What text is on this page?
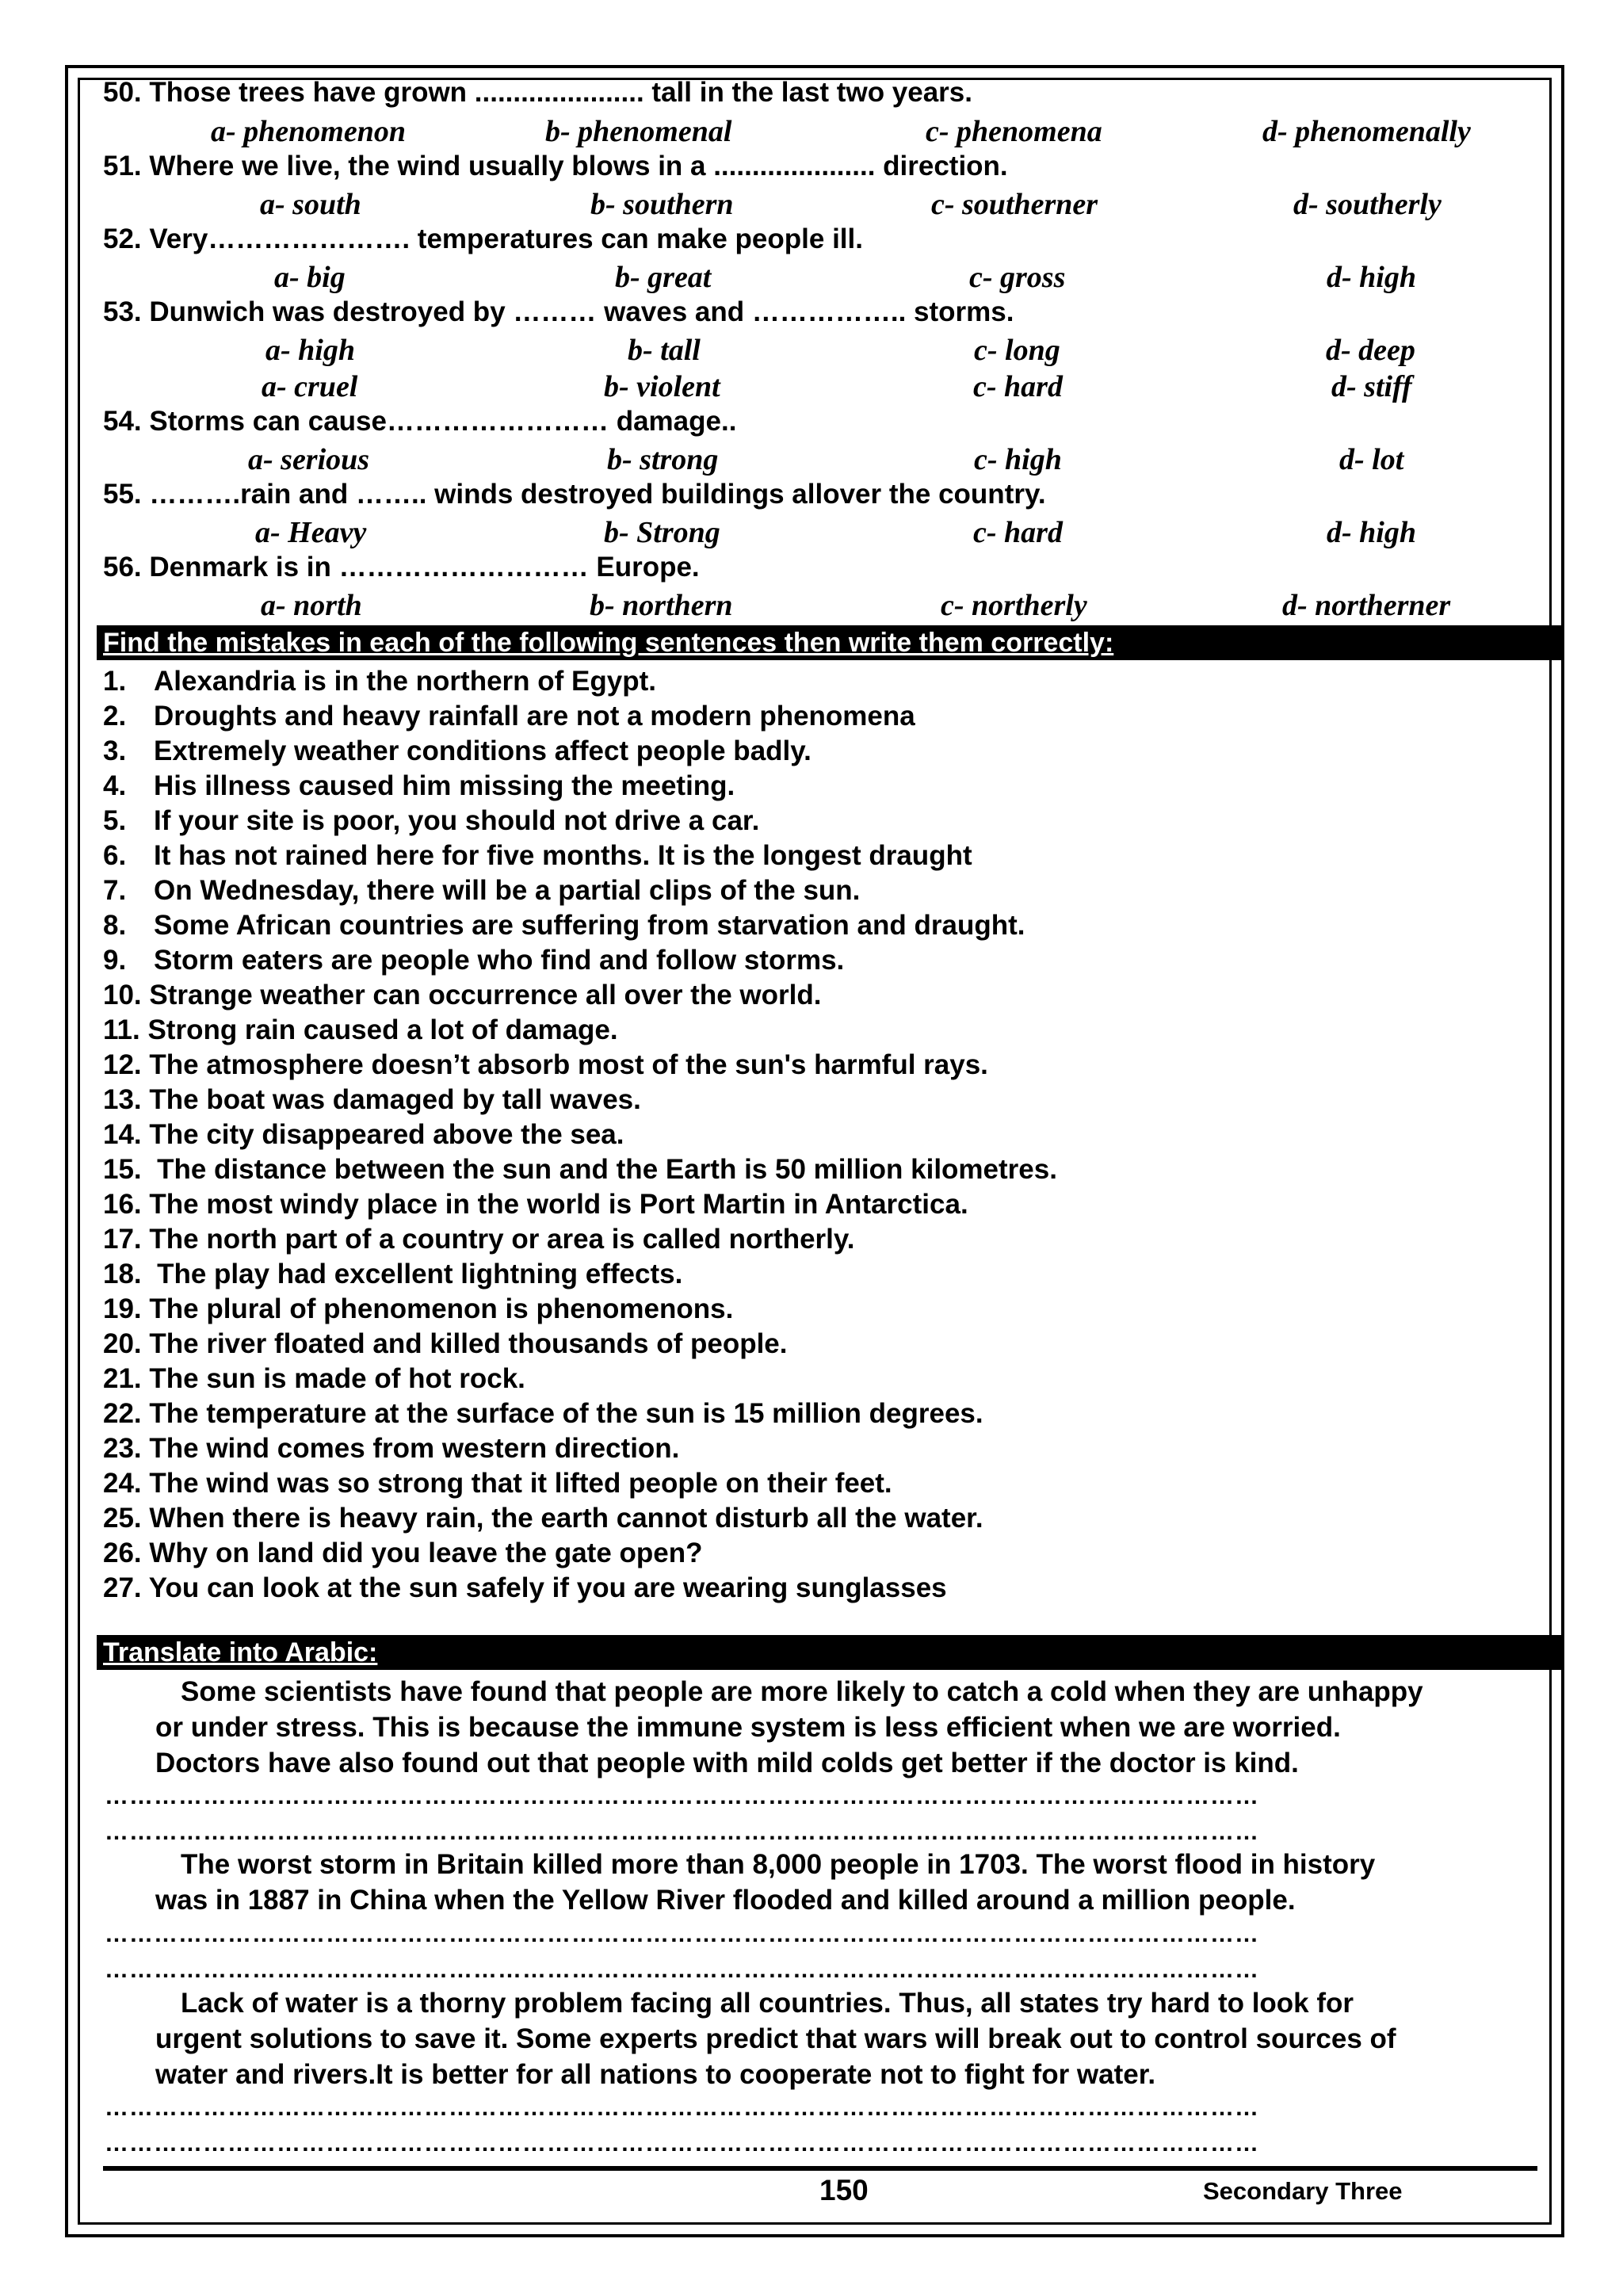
50. Those trees have grown ...................... tall in the last two years.
a- phenomenon	b- phenomenal	c- phenomena	d- phenomenally
51. Where we live, the wind usually blows in a ..................... direction.
a- south	b- southern	c- southerner	d- southerly
52. Very…………………. temperatures can make people ill.
a- big	b- great	c- gross	d- high
53. Dunwich was destroyed by ……… waves and …………….. storms.
a- high	b- tall	c- long	d- deep
a- cruel	b- violent	c- hard	d- stiff
54. Storms can cause…………………… damage..
a- serious	b- strong	c- high	d- lot
55. ……….rain and …….. winds destroyed buildings allover the country.
a- Heavy	b- Strong	c- hard	d- high
56. Denmark is in ……………………… Europe.
a- north	b- northern	c- northerly	d- northerner
Find the mistakes in each of the following sentences then write them correctly:
1. Alexandria is in the northern of Egypt.
2. Droughts and heavy rainfall are not a modern phenomena
3. Extremely weather conditions affect people badly.
4. His illness caused him missing the meeting.
5. If your site is poor, you should not drive a car.
6. It has not rained here for five months. It is the longest draught
7. On Wednesday, there will be a partial clips of the sun.
8. Some African countries are suffering from starvation and draught.
9. Storm eaters are people who find and follow storms.
10. Strange weather can occurrence all over the world.
11. Strong rain caused a lot of damage.
12. The atmosphere doesn’t absorb most of the sun's harmful rays.
13. The boat was damaged by tall waves.
14. The city disappeared above the sea.
15.  The distance between the sun and the Earth is 50 million kilometres.
16. The most windy place in the world is Port Martin in Antarctica.
17. The north part of a country or area is called northerly.
18.  The play had excellent lightning effects.
19. The plural of phenomenon is phenomenons.
20. The river floated and killed thousands of people.
21. The sun is made of hot rock.
22. The temperature at the surface of the sun is 15 million degrees.
23. The wind comes from western direction.
24. The wind was so strong that it lifted people on their feet.
25. When there is heavy rain, the earth cannot disturb all the water.
26. Why on land did you leave the gate open?
27. You can look at the sun safely if you are wearing sunglasses
Translate into Arabic:
Some scientists have found that people are more likely to catch a cold when they are unhappy
or under stress. This is because the immune system is less efficient when we are worried.
Doctors have also found out that people with mild colds get better if the doctor is kind.
……………………………………………………………………………………………………………………………
……………………………………………………………………………………………………………………………
The worst storm in Britain killed more than 8,000 people in 1703. The worst flood in history
was in 1887 in China when the Yellow River flooded and killed around a million people.
……………………………………………………………………………………………………………………………
……………………………………………………………………………………………………………………………
Lack of water is a thorny problem facing all countries. Thus, all states try hard to look for
urgent solutions to save it. Some experts predict that wars will break out to control sources of
water and rivers.It is better for all nations to cooperate not to fight for water.
……………………………………………………………………………………………………………………………
……………………………………………………………………………………………………………………………
150	Secondary Three
